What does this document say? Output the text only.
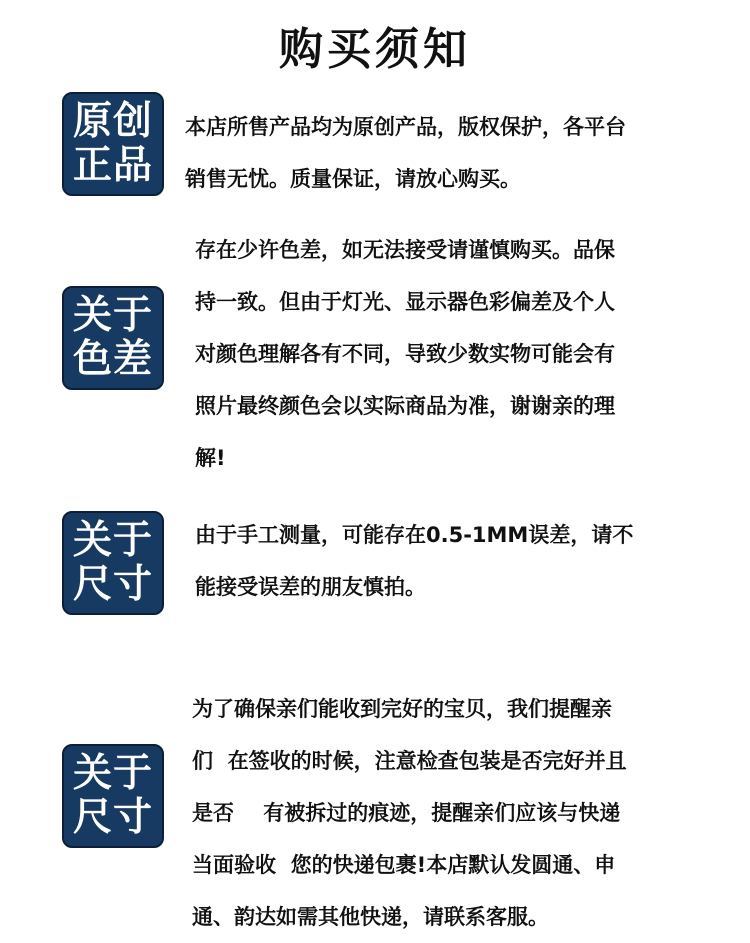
购买须知
原创
正品
本店所售产品均为原创产品，版权保护，各平台
销售无忧。质量保证，请放心购买。
关于
色差
存在少许色差，如无法接受请谨慎购买。品保
持一致。但由于灯光、显示器色彩偏差及个人
对颜色理解各有不同，导致少数实物可能会有
照片最终颜色会以实际商品为准，谢谢亲的理
解!
关于
尺寸
由于手工测量，可能存在0.5-1MM误差，请不
能接受误差的朋友慎拍。
关于
尺寸
为了确保亲们能收到完好的宝贝，我们提醒亲
们  在签收的时候，注意检查包装是否完好并且
是否    有被拆过的痕迹，提醒亲们应该与快递
当面验收  您的快递包裹!本店默认发圆通、申
通、韵达如需其他快递，请联系客服。
